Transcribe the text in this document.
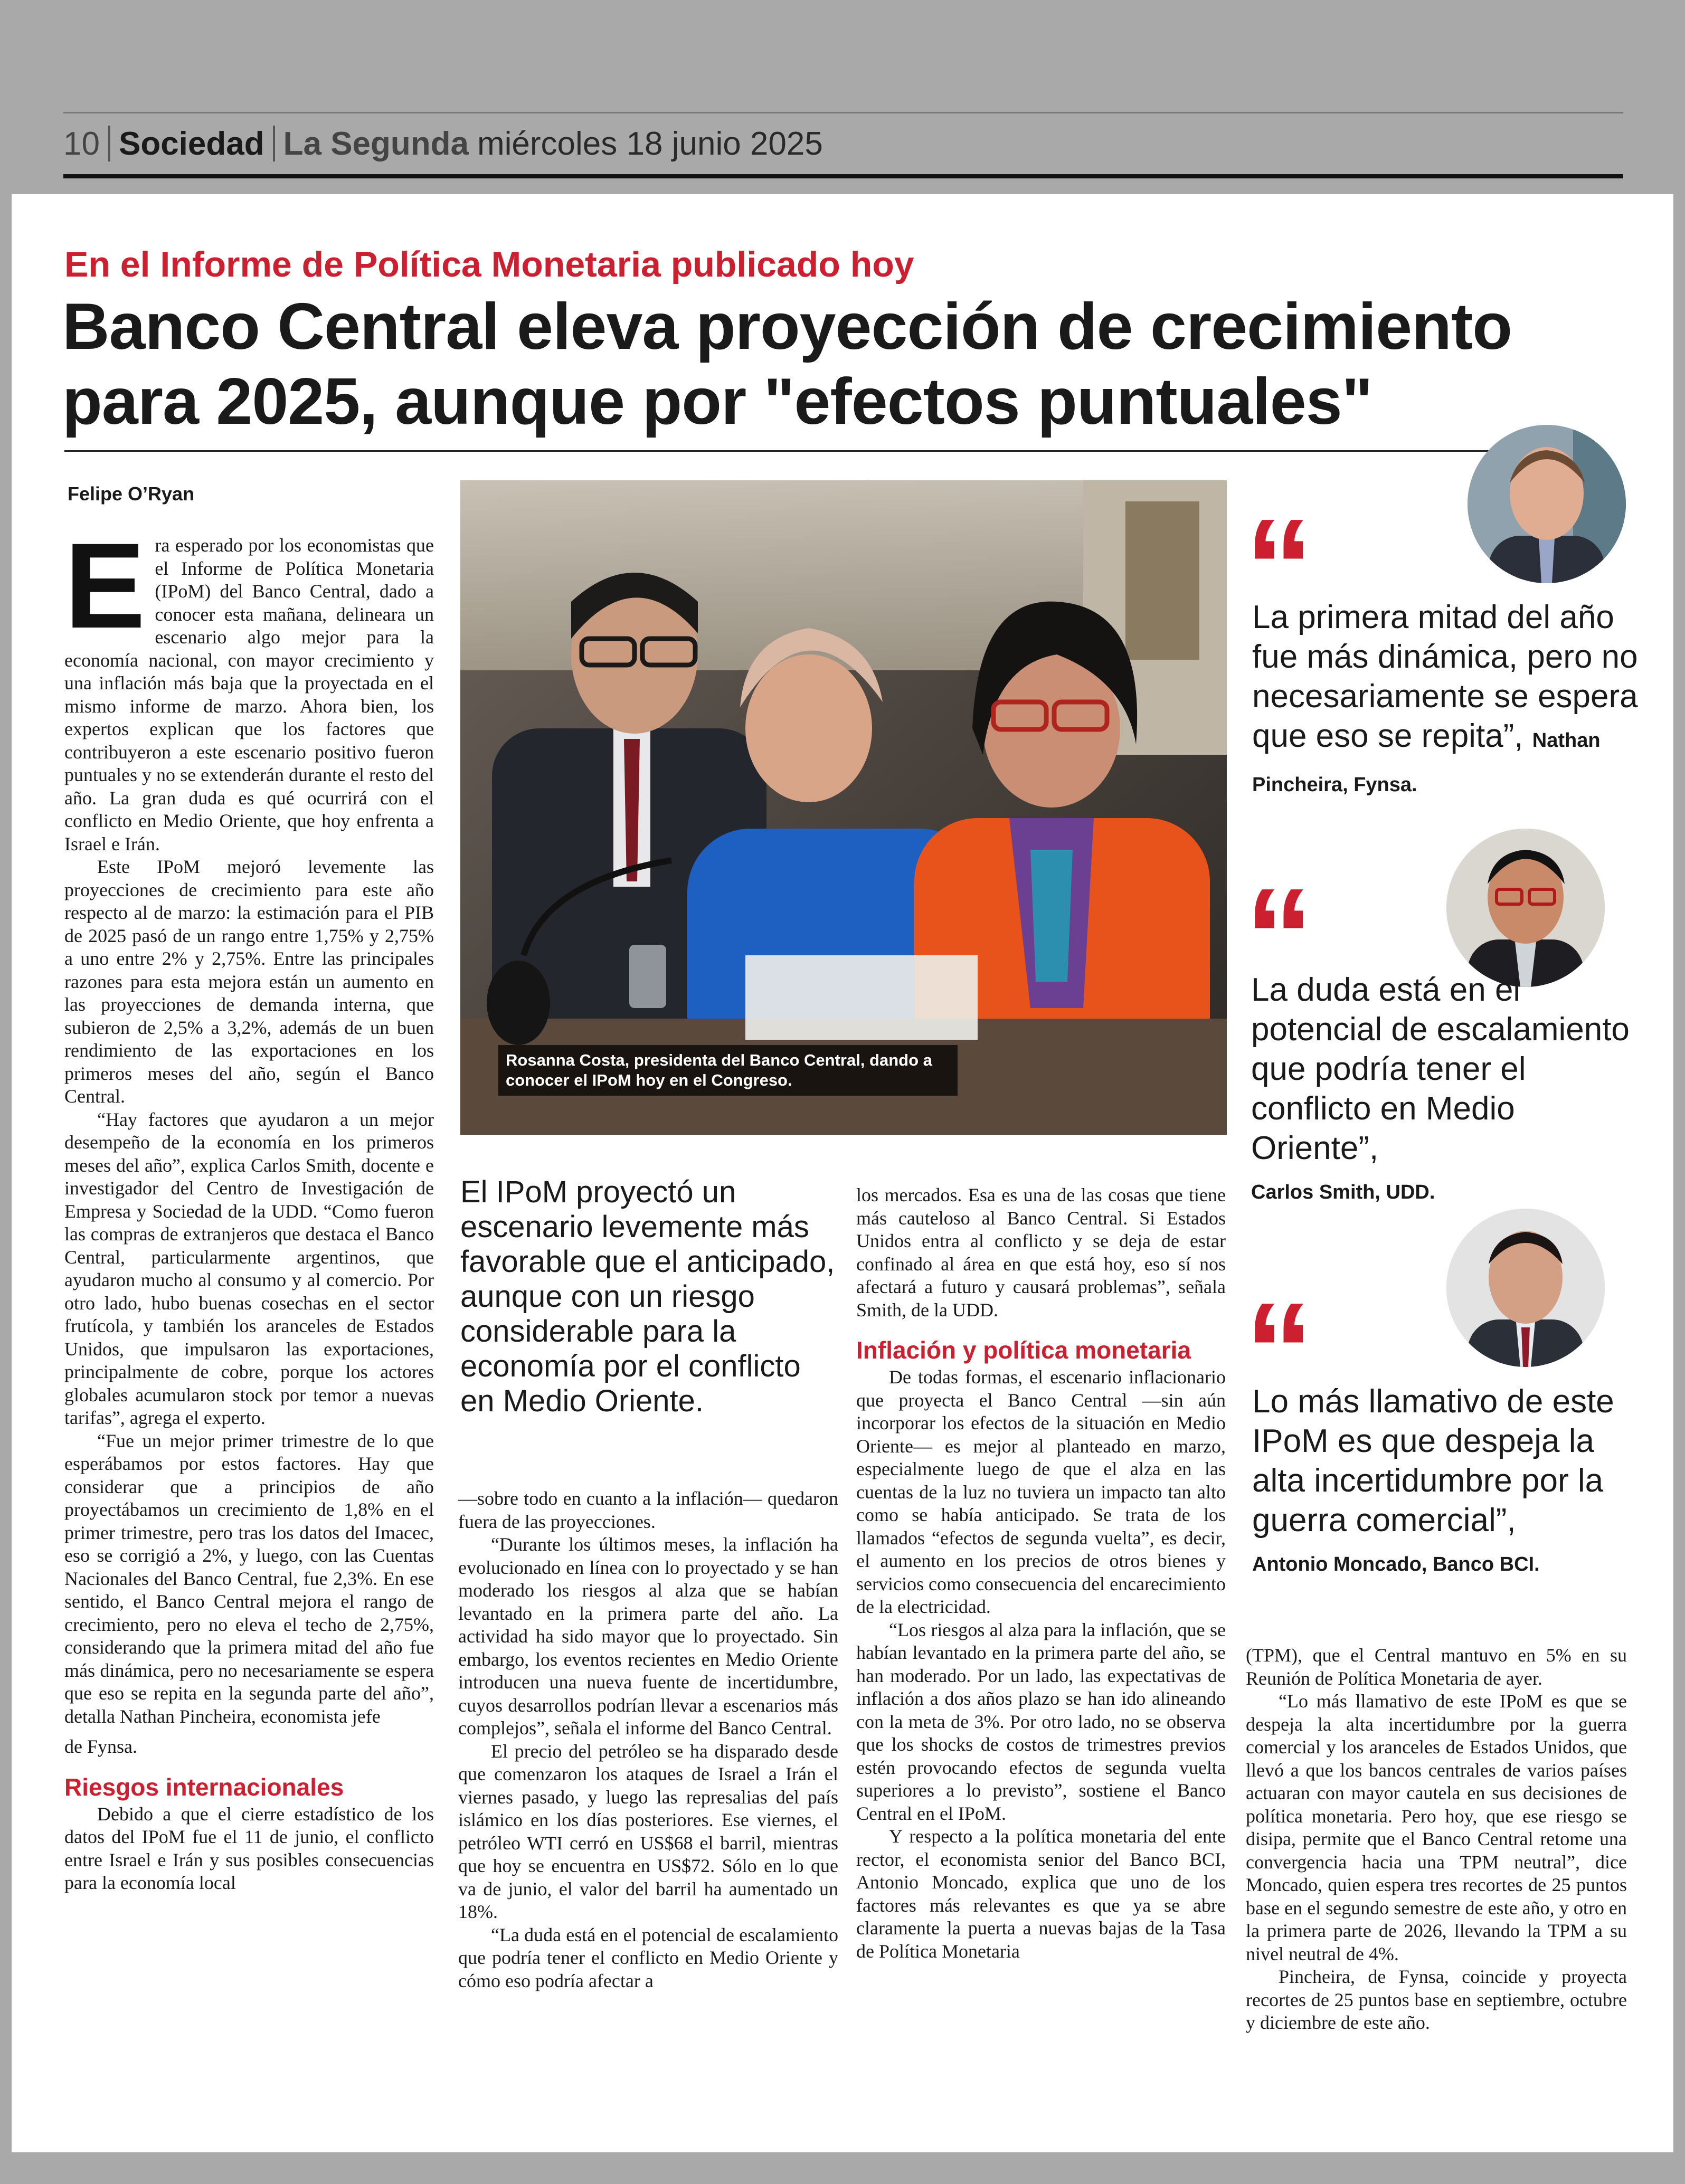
10 Sociedad La Segunda miércoles 18 junio 2025
En el Informe de Política Monetaria publicado hoy
Banco Central eleva proyección de crecimiento para 2025, aunque por "efectos puntuales"
Felipe O’Ryan

Era esperado por los economistas que el Informe de Política Monetaria (IPoM) del Banco Central, dado a conocer esta mañana, delineara un escenario algo mejor para la economía nacional, con mayor crecimiento y una inflación más baja que la proyectada en el mismo informe de marzo. Ahora bien, los expertos explican que los factores que contribuyeron a este escenario positivo fueron puntuales y no se extenderán durante el resto del año. La gran duda es qué ocurrirá con el conflicto en Medio Oriente, que hoy enfrenta a Israel e Irán.

Este IPoM mejoró levemente las proyecciones de crecimiento para este año respecto al de marzo: la estimación para el PIB de 2025 pasó de un rango entre 1,75% y 2,75% a uno entre 2% y 2,75%. Entre las principales razones para esta mejora están un aumento en las proyecciones de demanda interna, que subieron de 2,5% a 3,2%, además de un buen rendimiento de las exportaciones en los primeros meses del año, según el Banco Central.

“Hay factores que ayudaron a un mejor desempeño de la economía en los primeros meses del año”, explica Carlos Smith, docente e investigador del Centro de Investigación de Empresa y Sociedad de la UDD. “Como fueron las compras de extranjeros que destaca el Banco Central, particularmente argentinos, que ayudaron mucho al consumo y al comercio. Por otro lado, hubo buenas cosechas en el sector frutícola, y también los aranceles de Estados Unidos, que impulsaron las exportaciones, principalmente de cobre, porque los actores globales acumularon stock por temor a nuevas tarifas”, agrega el experto.

“Fue un mejor primer trimestre de lo que esperábamos por estos factores. Hay que considerar que a principios de año proyectábamos un crecimiento de 1,8% en el primer trimestre, pero tras los datos del Imacec, eso se corrigió a 2%, y luego, con las Cuentas Nacionales del Banco Central, fue 2,3%. En ese sentido, el Banco Central mejora el rango de crecimiento, pero no eleva el techo de 2,75%, considerando que la primera mitad del año fue más dinámica, pero no necesariamente se espera que eso se repita en la segunda parte del año”, detalla Nathan Pincheira, economista jefe

de Fynsa.

Riesgos internacionales

Debido a que el cierre estadístico de los datos del IPoM fue el 11 de junio, el conflicto entre Israel e Irán y sus posibles consecuencias para la economía local

Rosanna Costa, presidenta del Banco Central, dando a conocer el IPoM hoy en el Congreso.
El IPoM proyectó un escenario levemente más favorable que el anticipado, aunque con un riesgo considerable para la economía por el conflicto en Medio Oriente.

—sobre todo en cuanto a la inflación— quedaron fuera de las proyecciones.

“Durante los últimos meses, la inflación ha evolucionado en línea con lo proyectado y se han moderado los riesgos al alza que se habían levantado en la primera parte del año. La actividad ha sido mayor que lo proyectado. Sin embargo, los eventos recientes en Medio Oriente introducen una nueva fuente de incertidumbre, cuyos desarrollos podrían llevar a escenarios más complejos”, señala el informe del Banco Central.

El precio del petróleo se ha disparado desde que comenzaron los ataques de Israel a Irán el viernes pasado, y luego las represalias del país islámico en los días posteriores. Ese viernes, el petróleo WTI cerró en US$68 el barril, mientras que hoy se encuentra en US$72. Sólo en lo que va de junio, el valor del barril ha aumentado un 18%.

“La duda está en el potencial de escalamiento que podría tener el conflicto en Medio Oriente y cómo eso podría afectar a

los mercados. Esa es una de las cosas que tiene más cauteloso al Banco Central. Si Estados Unidos entra al conflicto y se deja de estar confinado al área en que está hoy, eso sí nos afectará a futuro y causará problemas”, señala Smith, de la UDD.

Inflación y política monetaria

De todas formas, el escenario inflacionario que proyecta el Banco Central —sin aún incorporar los efectos de la situación en Medio Oriente— es mejor al planteado en marzo, especialmente luego de que el alza en las cuentas de la luz no tuviera un impacto tan alto como se había anticipado. Se trata de los llamados “efectos de segunda vuelta”, es decir, el aumento en los precios de otros bienes y servicios como consecuencia del encarecimiento de la electricidad.

“Los riesgos al alza para la inflación, que se habían levantado en la primera parte del año, se han moderado. Por un lado, las expectativas de inflación a dos años plazo se han ido alineando con la meta de 3%. Por otro lado, no se observa que los shocks de costos de trimestres previos estén provocando efectos de segunda vuelta superiores a lo previsto”, sostiene el Banco Central en el IPoM.

Y respecto a la política monetaria del ente rector, el economista senior del Banco BCI, Antonio Moncado, explica que uno de los factores más relevantes es que ya se abre claramente la puerta a nuevas bajas de la Tasa de Política Monetaria

(TPM), que el Central mantuvo en 5% en su Reunión de Política Monetaria de ayer.

“Lo más llamativo de este IPoM es que se despeja la alta incertidumbre por la guerra comercial y los aranceles de Estados Unidos, que llevó a que los bancos centrales de varios países actuaran con mayor cautela en sus decisiones de política monetaria. Pero hoy, que ese riesgo se disipa, permite que el Banco Central retome una convergencia hacia una TPM neutral”, dice Moncado, quien espera tres recortes de 25 puntos base en el segundo semestre de este año, y otro en la primera parte de 2026, llevando la TPM a su nivel neutral de 4%.

Pincheira, de Fynsa, coincide y proyecta recortes de 25 puntos base en septiembre, octubre y diciembre de este año.

“
La primera mitad del año fue más dinámica, pero no necesariamente se espera que eso se repita”, Nathan Pincheira, Fynsa.
“
La duda está en el potencial de escalamiento que podría tener el conflicto en Medio Oriente”,
Carlos Smith, UDD.
“
Lo más llamativo de este IPoM es que despeja la alta incertidumbre por la guerra comercial”,
Antonio Moncado, Banco BCI.
